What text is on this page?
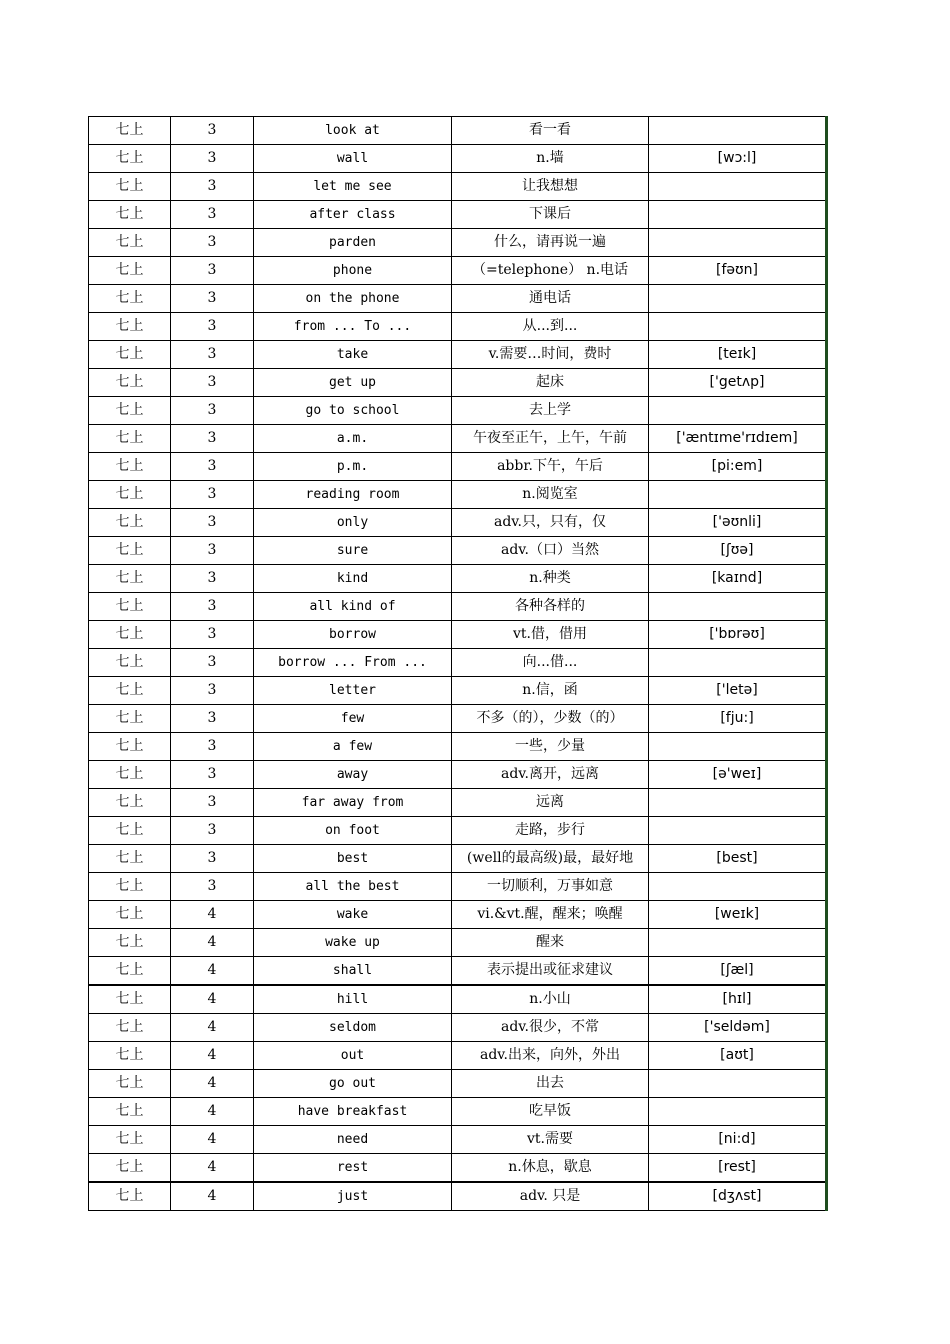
七上	3	look at	看一看	
七上	3	wall	n.墙	[wɔ:l]
七上	3	let me see	让我想想	
七上	3	after class	下课后	
七上	3	parden	什么，请再说一遍	
七上	3	phone	（=telephone） n.电话	[fəʊn]
七上	3	on the phone	通电话	
七上	3	from ... To ...	从...到...	
七上	3	take	v.需要…时间，费时	[teɪk]
七上	3	get up	起床	['getʌp]
七上	3	go to school	去上学	
七上	3	a.m.	午夜至正午，上午，午前	['æntɪme'rɪdɪem]
七上	3	p.m.	abbr.下午，午后	[pi:em]
七上	3	reading room	n.阅览室	
七上	3	only	adv.只，只有，仅	['əʊnli]
七上	3	sure	adv.（口）当然	[ʃʊə]
七上	3	kind	n.种类	[kaɪnd]
七上	3	all kind of	各种各样的	
七上	3	borrow	vt.借，借用	['bɒrəʊ]
七上	3	borrow ... From ...	向...借...	
七上	3	letter	n.信，函	['letə]
七上	3	few	不多（的），少数（的）	[fju:]
七上	3	a few	一些，少量	
七上	3	away	adv.离开，远离	[ə'weɪ]
七上	3	far away from	远离	
七上	3	on foot	走路，步行	
七上	3	best	(well的最高级)最，最好地	[best]
七上	3	all the best	一切顺利，万事如意	
七上	4	wake	vi.&vt.醒，醒来；唤醒	[weɪk]
七上	4	wake up	醒来	
七上	4	shall	表示提出或征求建议	[ʃæl]
七上	4	hill	n.小山	[hɪl]
七上	4	seldom	adv.很少，不常	['seldəm]
七上	4	out	adv.出来，向外，外出	[aʊt]
七上	4	go out	出去	
七上	4	have breakfast	吃早饭	
七上	4	need	vt.需要	[ni:d]
七上	4	rest	n.休息，歇息	[rest]
七上	4	just	adv. 只是	[dʒʌst]
